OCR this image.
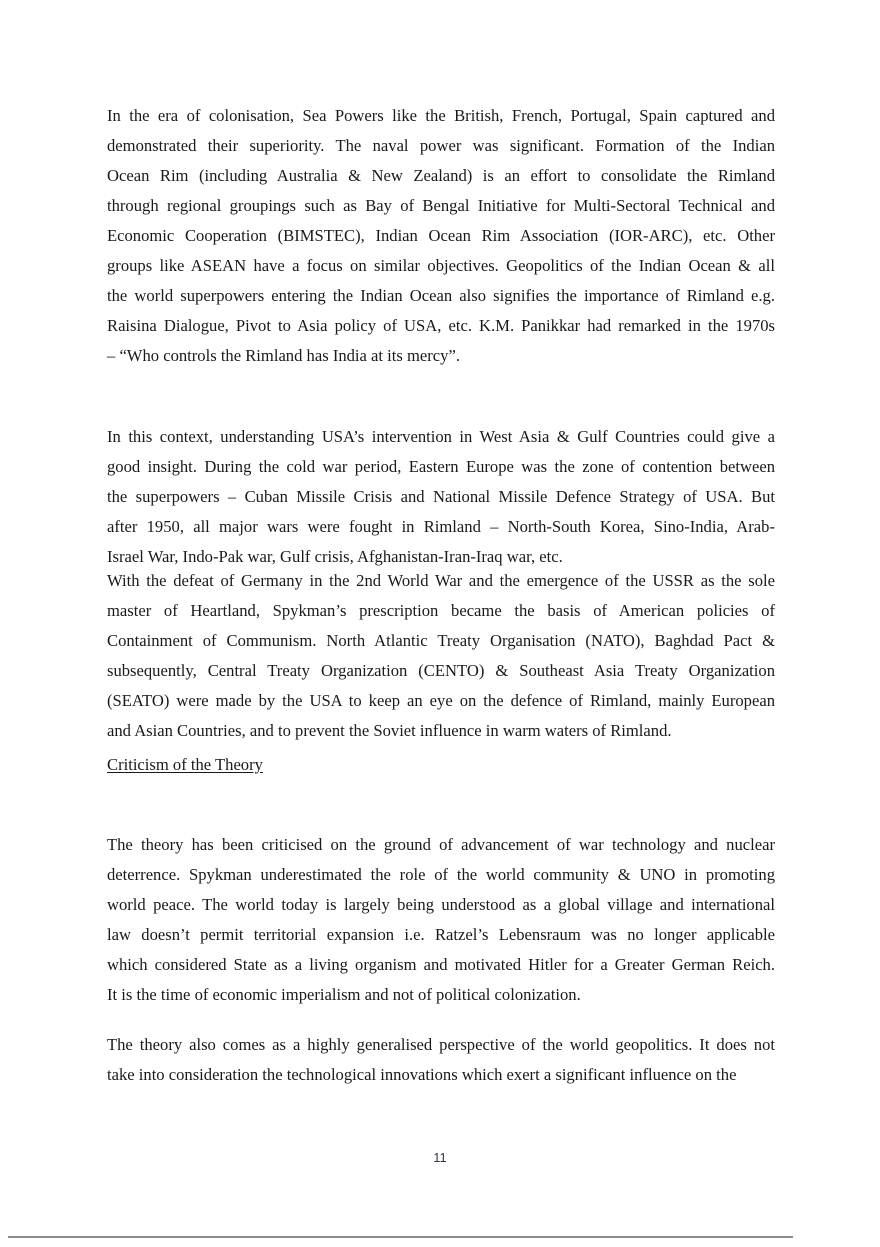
In the era of colonisation, Sea Powers like the British, French, Portugal, Spain captured and
demonstrated their superiority. The naval power was significant. Formation of the Indian
Ocean Rim (including Australia & New Zealand) is an effort to consolidate the Rimland
through regional groupings such as Bay of Bengal Initiative for Multi-Sectoral Technical and
Economic Cooperation (BIMSTEC), Indian Ocean Rim Association (IOR-ARC), etc. Other
groups like ASEAN have a focus on similar objectives. Geopolitics of the Indian Ocean & all
the world superpowers entering the Indian Ocean also signifies the importance of Rimland e.g.
Raisina Dialogue, Pivot to Asia policy of USA, etc. K.M. Panikkar had remarked in the 1970s
– “Who controls the Rimland has India at its mercy”.
In this context, understanding USA’s intervention in West Asia & Gulf Countries could give a
good insight. During the cold war period, Eastern Europe was the zone of contention between
the superpowers – Cuban Missile Crisis and National Missile Defence Strategy of USA. But
after 1950, all major wars were fought in Rimland – North-South Korea, Sino-India, Arab-
Israel War, Indo-Pak war, Gulf crisis, Afghanistan-Iran-Iraq war, etc.
With the defeat of Germany in the 2nd World War and the emergence of the USSR as the sole
master of Heartland, Spykman’s prescription became the basis of American policies of
Containment of Communism. North Atlantic Treaty Organisation (NATO), Baghdad Pact &
subsequently, Central Treaty Organization (CENTO) & Southeast Asia Treaty Organization
(SEATO) were made by the USA to keep an eye on the defence of Rimland, mainly European
and Asian Countries, and to prevent the Soviet influence in warm waters of Rimland.
Criticism of the Theory
The theory has been criticised on the ground of advancement of war technology and nuclear
deterrence. Spykman underestimated the role of the world community & UNO in promoting
world peace. The world today is largely being understood as a global village and international
law doesn’t permit territorial expansion i.e. Ratzel’s Lebensraum was no longer applicable
which considered State as a living organism and motivated Hitler for a Greater German Reich.
It is the time of economic imperialism and not of political colonization.
The theory also comes as a highly generalised perspective of the world geopolitics. It does not
take into consideration the technological innovations which exert a significant influence on the
11
